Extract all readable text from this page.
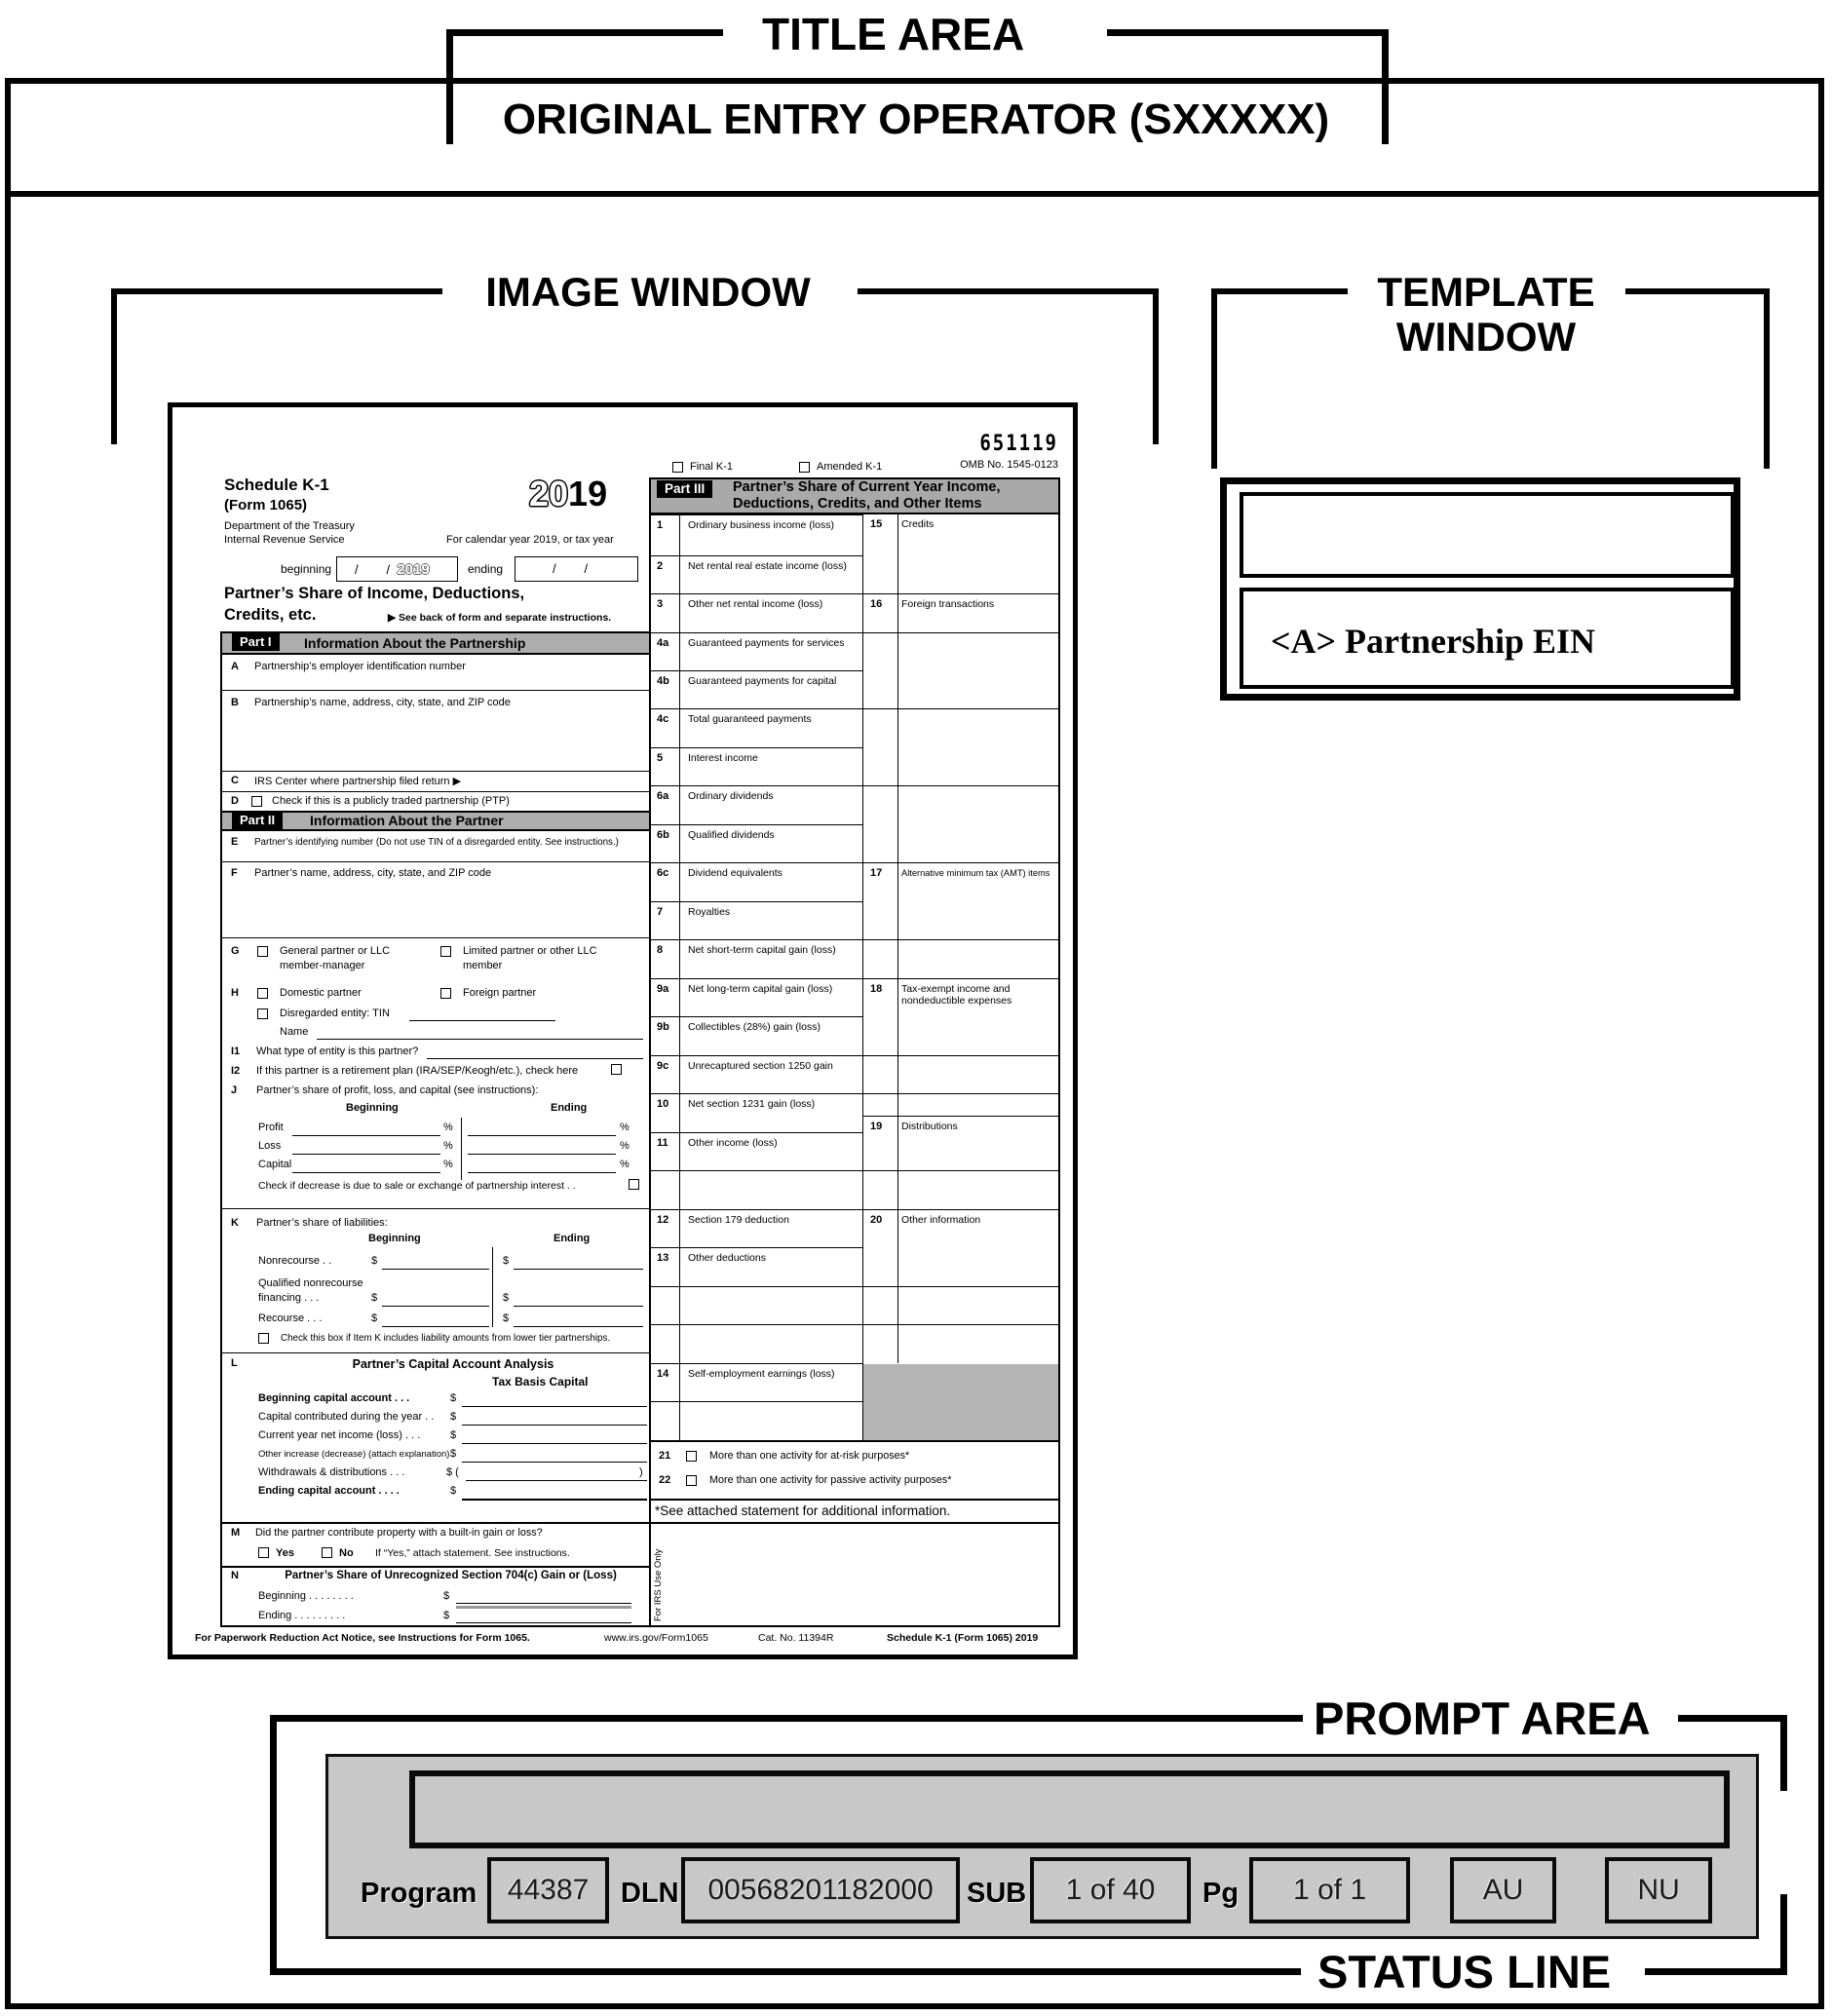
TITLE AREA
ORIGINAL ENTRY OPERATOR (SXXXXX)
IMAGE WINDOW	TEMPLATE
WINDOW
<A> Partnership EIN
651119
Final K-1	Amended K-1	OMB No. 1545-0123
Schedule K-1
(Form 1065)
Department of the Treasury
Internal Revenue Service
2019
For calendar year 2019, or tax year
beginning	/        /  2019	ending	/        /
Partner’s Share of Income, Deductions,
Credits, etc.	▶ See back of form and separate instructions.
Part I	Information About the Partnership
A Partnership’s employer identification number
B Partnership’s name, address, city, state, and ZIP code
C IRS Center where partnership filed return ▶
D	Check if this is a publicly traded partnership (PTP)
Part II	Information About the Partner
E Partner’s identifying number (Do not use TIN of a disregarded entity. See instructions.)
F Partner’s name, address, city, state, and ZIP code
G	General partner or LLC
member-manager
Limited partner or other LLC
member
H	Domestic partner	Foreign partner
Disregarded entity: TIN
Name
I1 What type of entity is this partner?
I2 If this partner is a retirement plan (IRA/SEP/Keogh/etc.), check here
J Partner’s share of profit, loss, and capital (see instructions):
Beginning	Ending
Profit	%	%
Loss	%	%
Capital	%	%
Check if decrease is due to sale or exchange of partnership interest . .
K Partner’s share of liabilities:
Beginning	Ending
Nonrecourse . .	$	$
Qualified nonrecourse
financing . . .	$	$
Recourse . . .	$	$
Check this box if Item K includes liability amounts from lower tier partnerships.
L	Partner’s Capital Account Analysis
Tax Basis Capital
Beginning capital account . . .	$
Capital contributed during the year . . $
Current year net income (loss) . . .	$
Other increase (decrease) (attach explanation) $
Withdrawals & distributions . . .	$ (	)
Ending capital account . . . .	$
M Did the partner contribute property with a built-in gain or loss?
Yes	No If “Yes,” attach statement. See instructions.
N	Partner’s Share of Unrecognized Section 704(c) Gain or (Loss)
Beginning . . . . . . . .	$
Ending . . . . . . . . .	$
For Paperwork Reduction Act Notice, see Instructions for Form 1065.	www.irs.gov/Form1065	Cat. No. 11394R	Schedule K-1 (Form 1065) 2019
Part III	Partner’s Share of Current Year Income,
Deductions, Credits, and Other Items
1	Ordinary business income (loss)
2	Net rental real estate income (loss)
3	Other net rental income (loss)
4a	Guaranteed payments for services
4b	Guaranteed payments for capital
4c	Total guaranteed payments
5	Interest income
6a	Ordinary dividends
6b	Qualified dividends
6c	Dividend equivalents
7	Royalties
8	Net short-term capital gain (loss)
9a	Net long-term capital gain (loss)
9b	Collectibles (28%) gain (loss)
9c	Unrecaptured section 1250 gain
10	Net section 1231 gain (loss)
11	Other income (loss)
12	Section 179 deduction
13	Other deductions
14	Self-employment earnings (loss)
15	Credits
16	Foreign transactions
17	Alternative minimum tax (AMT) items
18	Tax-exempt income and nondeductible expenses
19	Distributions
20	Other information
21	More than one activity for at-risk purposes*
22	More than one activity for passive activity purposes*
*See attached statement for additional information.
For IRS Use Only
PROMPT AREA
Program 44387 DLN 00568201182000 SUB 1 of 40 Pg 1 of 1	AU	NU
STATUS LINE
